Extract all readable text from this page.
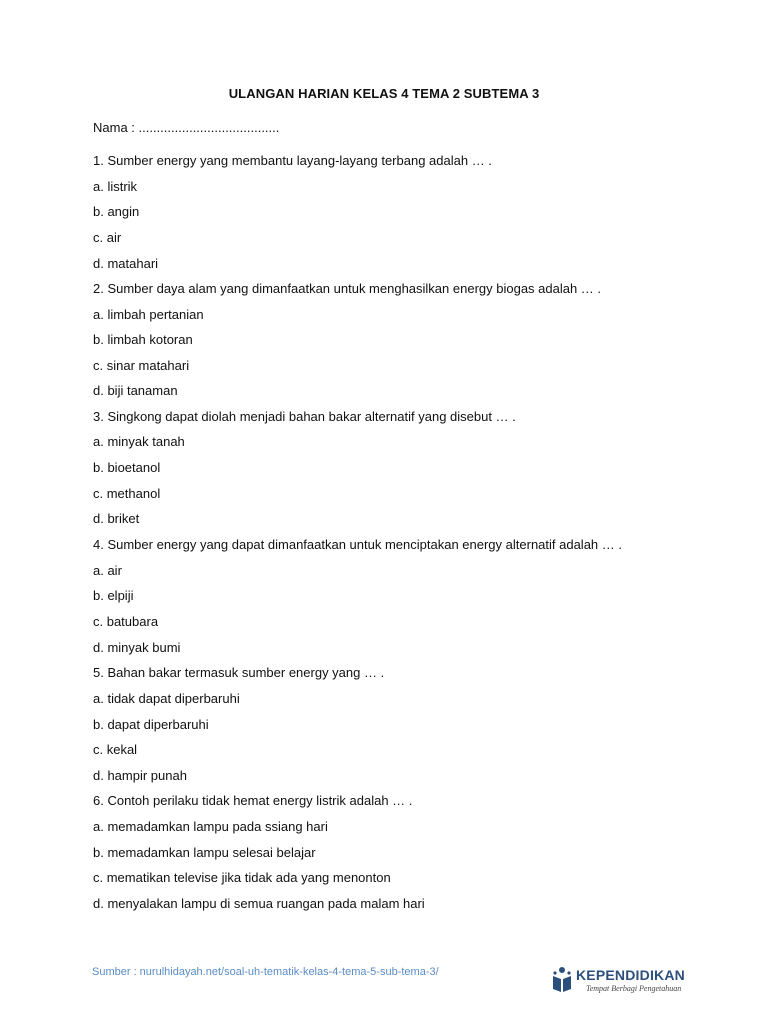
ULANGAN HARIAN KELAS 4 TEMA 2 SUBTEMA 3
Nama : .......................................
1. Sumber energy yang membantu layang-layang terbang adalah … .
a. listrik
b. angin
c. air
d. matahari
2. Sumber daya alam yang dimanfaatkan untuk menghasilkan energy biogas adalah … .
a. limbah pertanian
b. limbah kotoran
c. sinar matahari
d. biji tanaman
3. Singkong dapat diolah menjadi bahan bakar alternatif yang disebut … .
a. minyak tanah
b. bioetanol
c. methanol
d. briket
4. Sumber energy yang dapat dimanfaatkan untuk menciptakan energy alternatif adalah … .
a. air
b. elpiji
c. batubara
d. minyak bumi
5. Bahan bakar termasuk sumber energy yang … .
a. tidak dapat diperbaruhi
b. dapat diperbaruhi
c. kekal
d. hampir punah
6. Contoh perilaku tidak hemat energy listrik adalah … .
a. memadamkan lampu pada ssiang hari
b. memadamkan lampu selesai belajar
c. mematikan televise jika tidak ada yang menonton
d. menyalakan lampu di semua ruangan pada malam hari
Sumber : nurulhidayah.net/soal-uh-tematik-kelas-4-tema-5-sub-tema-3/	KEPENDIDIKAN
Tempat Berbagi Pengetahuan
